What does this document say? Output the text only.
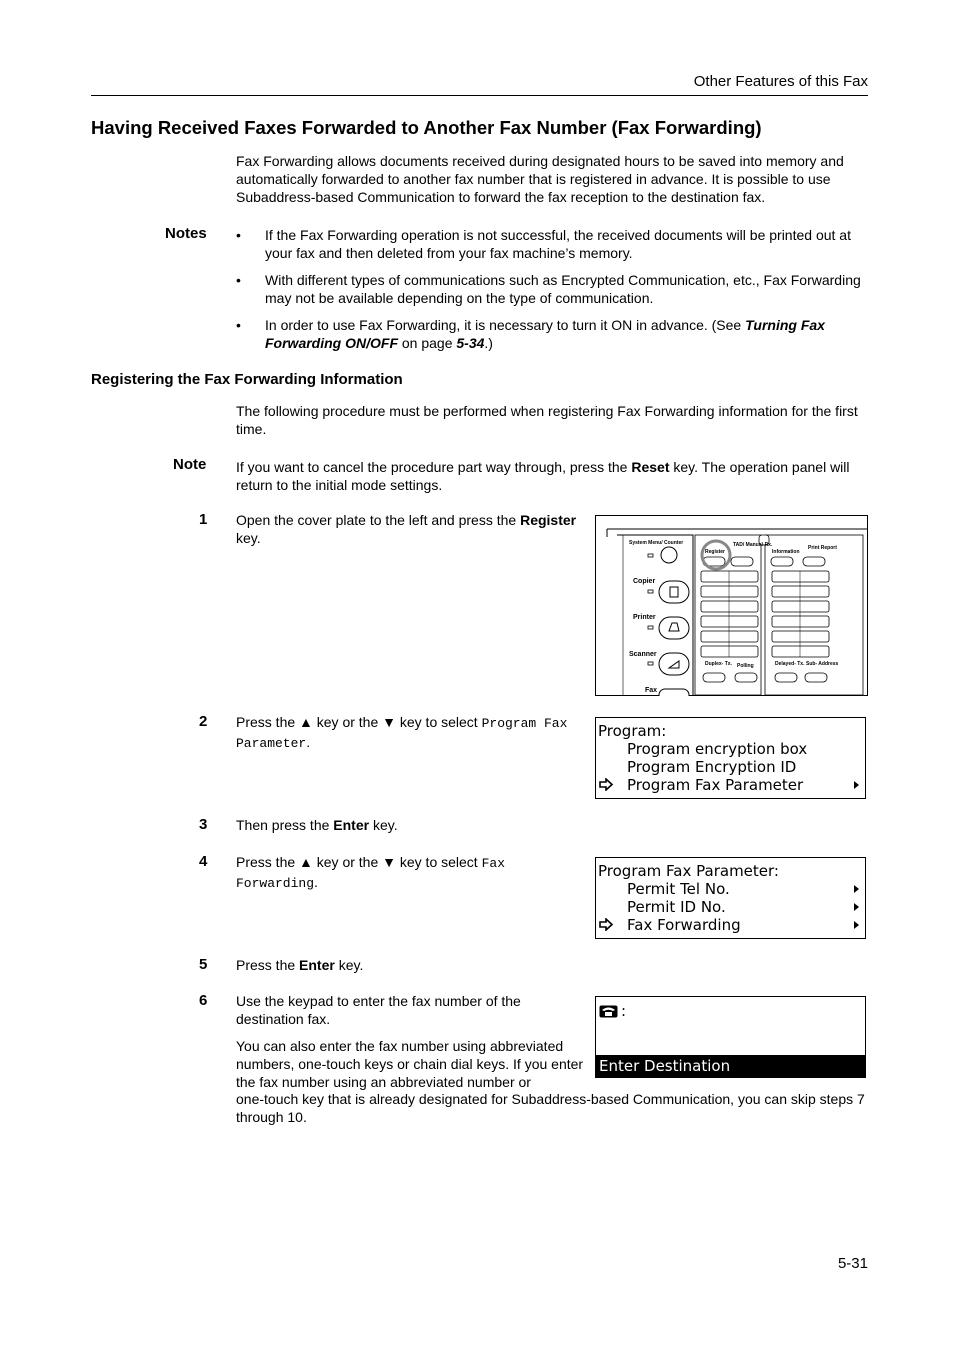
Other Features of this Fax
Having Received Faxes Forwarded to Another Fax Number (Fax Forwarding)
Fax Forwarding allows documents received during designated hours to be saved into memory and automatically forwarded to another fax number that is registered in advance. It is possible to use Subaddress-based Communication to forward the fax reception to the destination fax.
Notes •	If the Fax Forwarding operation is not successful, the received documents will be printed out at your fax and then deleted from your fax machine’s memory.
•	With different types of communications such as Encrypted Communication, etc., Fax Forwarding may not be available depending on the type of communication.
•	In order to use Fax Forwarding, it is necessary to turn it ON in advance. (See Turning Fax Forwarding ON/OFF on page 5-34.)
Registering the Fax Forwarding Information
The following procedure must be performed when registering Fax Forwarding information for the first time.
Note If you want to cancel the procedure part way through, press the Reset key. The operation panel will return to the initial mode settings.
1 Open the cover plate to the left and press the Register key.	System Menu/ Counter
Copier
Printer
Scanner
Fax
Register
TAD/ Manual-Rx.
Information
Print Report
Duplex- Tx. Polling	Delayed- Tx. Sub- Address
2 Press the ▲ key or the ▼ key to select Program Fax Parameter.
Program:
Program encryption box
Program Encryption ID
Program Fax Parameter
3 Then press the Enter key.
4 Press the ▲ key or the ▼ key to select Fax Forwarding.
Program Fax Parameter:
Permit Tel No.
Permit ID No.
Fax Forwarding
5 Press the Enter key.
6 Use the keypad to enter the fax number of the destination fax.
You can also enter the fax number using abbreviated numbers, one-touch keys or chain dial keys. If you enter the fax number using an abbreviated number or
one-touch key that is already designated for Subaddress-based Communication, you can skip steps 7 through 10.
:
Enter Destination
5-31
